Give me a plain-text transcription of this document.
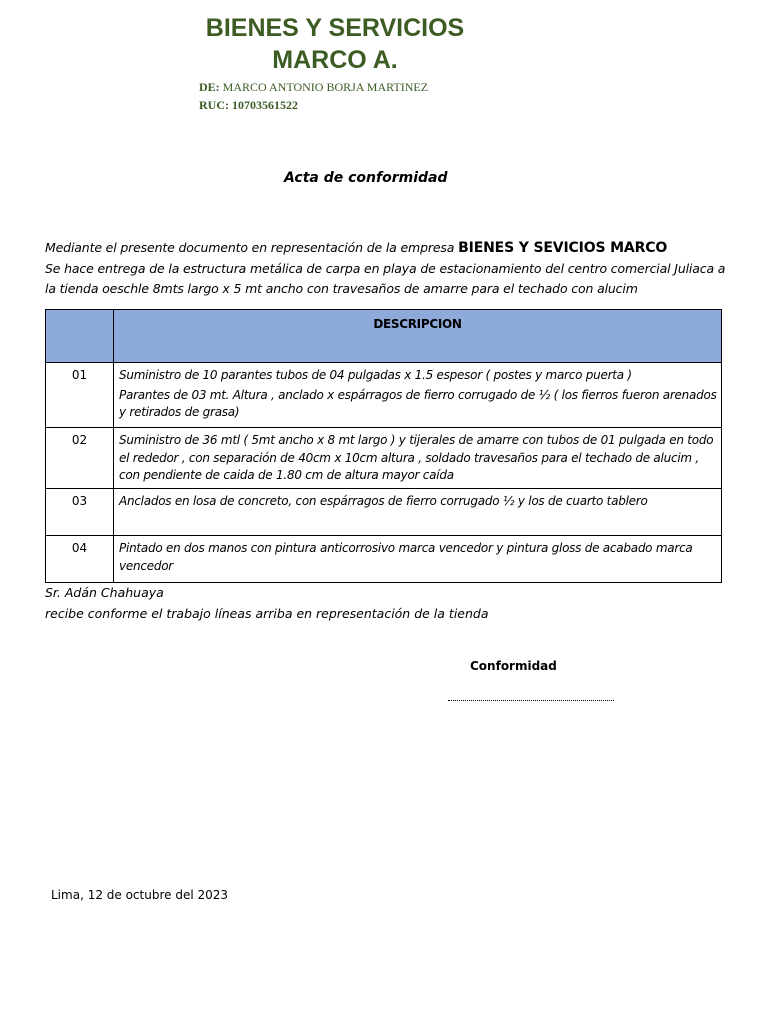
BIENES Y SERVICIOS
MARCO A.

DE: MARCO ANTONIO BORJA MARTINEZ

RUC: 10703561522

Acta de conformidad
Mediante el presente documento en representación de la empresa BIENES Y SEVICIOS MARCO
Se hace entrega de la estructura metálica de carpa en playa de estacionamiento del centro comercial Juliaca a la tienda oeschle 8mts largo x 5 mt ancho con travesaños de amarre para el techado con alucim
	DESCRIPCION
01	Suministro de 10 parantes tubos de 04 pulgadas x 1.5 espesor ( postes y marco puerta )

Parantes de 03 mt. Altura , anclado x espárragos de fierro corrugado de ½ ( los fierros fueron arenados y retirados de grasa)

02	Suministro de 36 mtl ( 5mt ancho x 8 mt largo ) y tijerales de amarre con tubos de 01 pulgada en todo el rededor , con separación de 40cm x 10cm altura , soldado travesaños para el techado de alucim , con pendiente de caida de 1.80 cm de altura mayor caída

03	Anclados en losa de concreto, con espárragos de fierro corrugado ½ y los de cuarto tablero

04	Pintado en dos manos con pintura anticorrosivo marca vencedor y pintura gloss de acabado marca vencedor

Sr. Adán Chahuaya
recibe conforme el trabajo líneas arriba en representación de la tienda

Conformidad

Lima, 12 de octubre del 2023
